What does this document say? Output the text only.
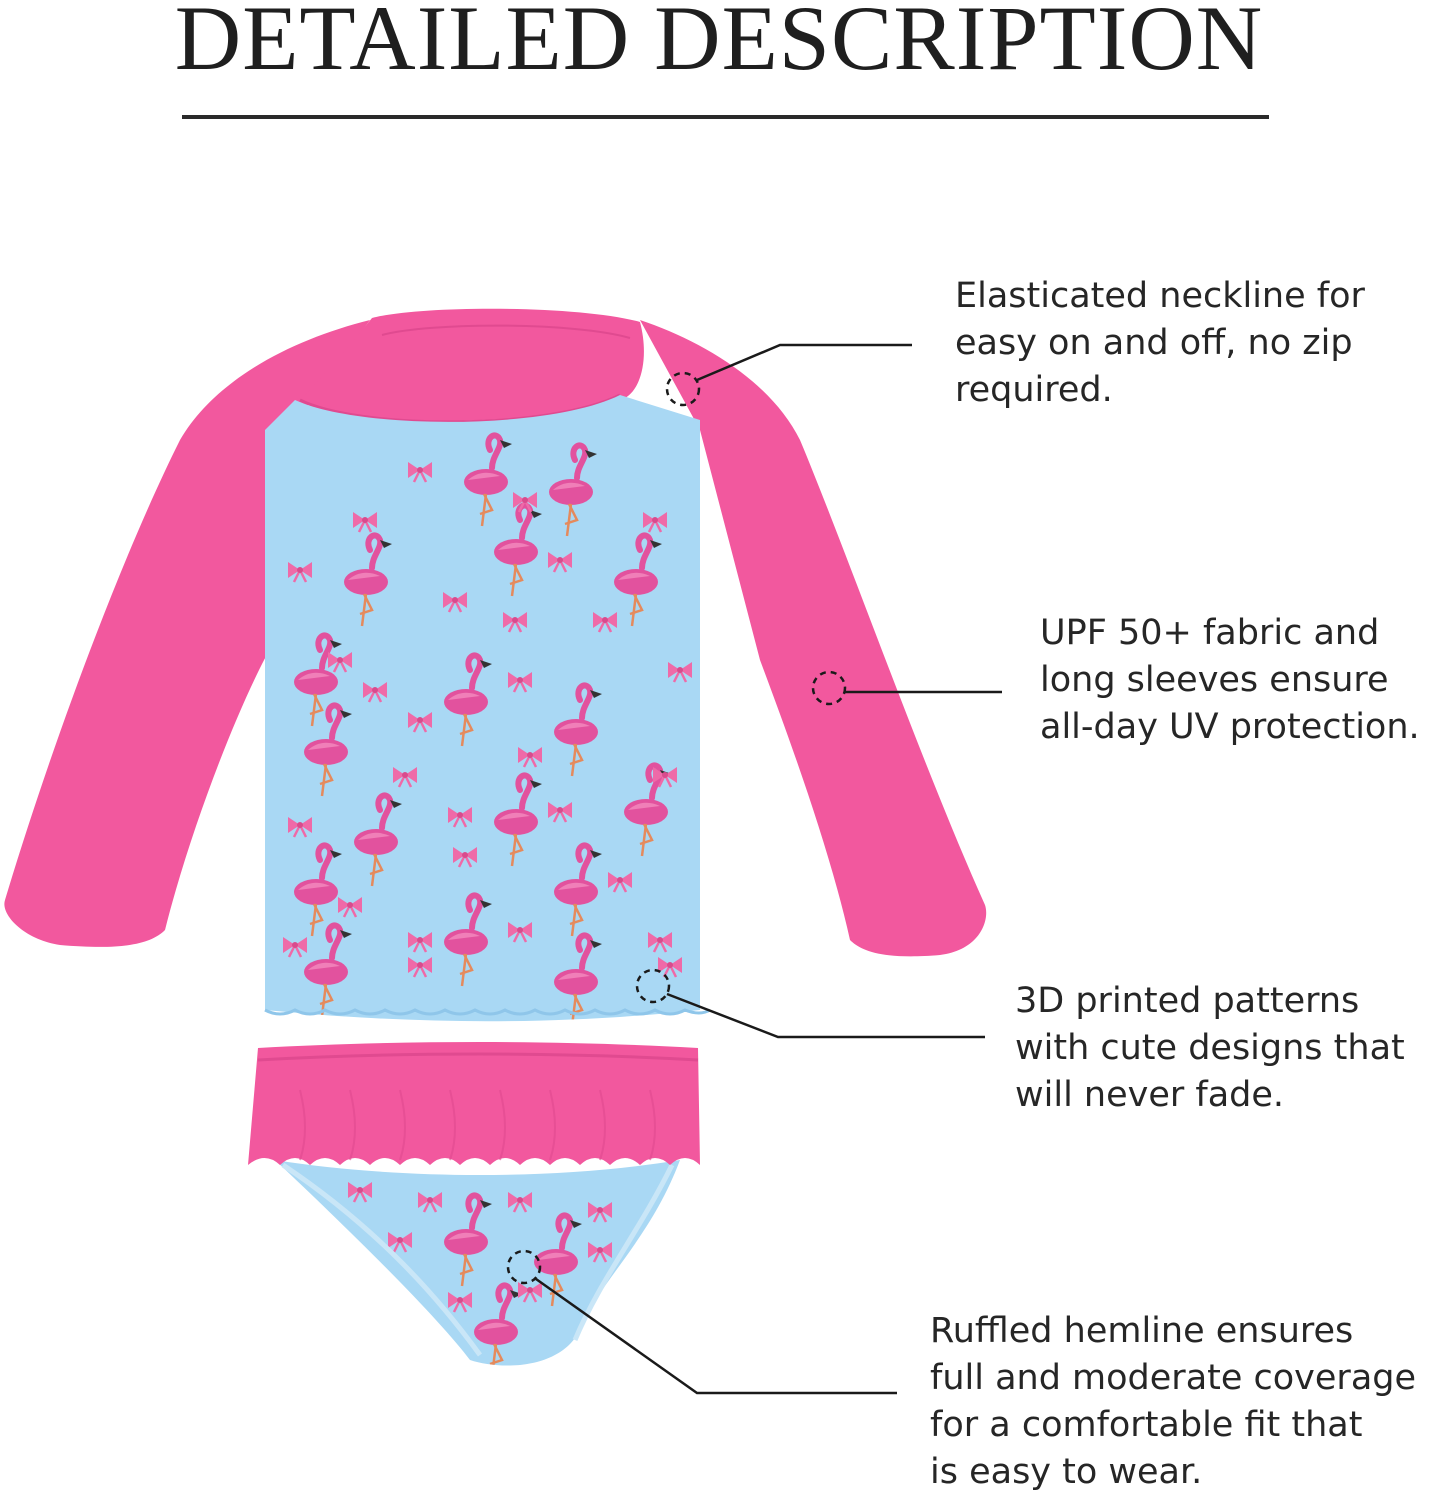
DETAILED DESCRIPTION
Elasticated neckline for
easy on and off, no zip
required.
UPF 50+ fabric and
long sleeves ensure
all-day UV protection.
3D printed patterns
with cute designs that
will never fade.
Ruffled hemline ensures
full and moderate coverage
for a comfortable fit that
is easy to wear.
